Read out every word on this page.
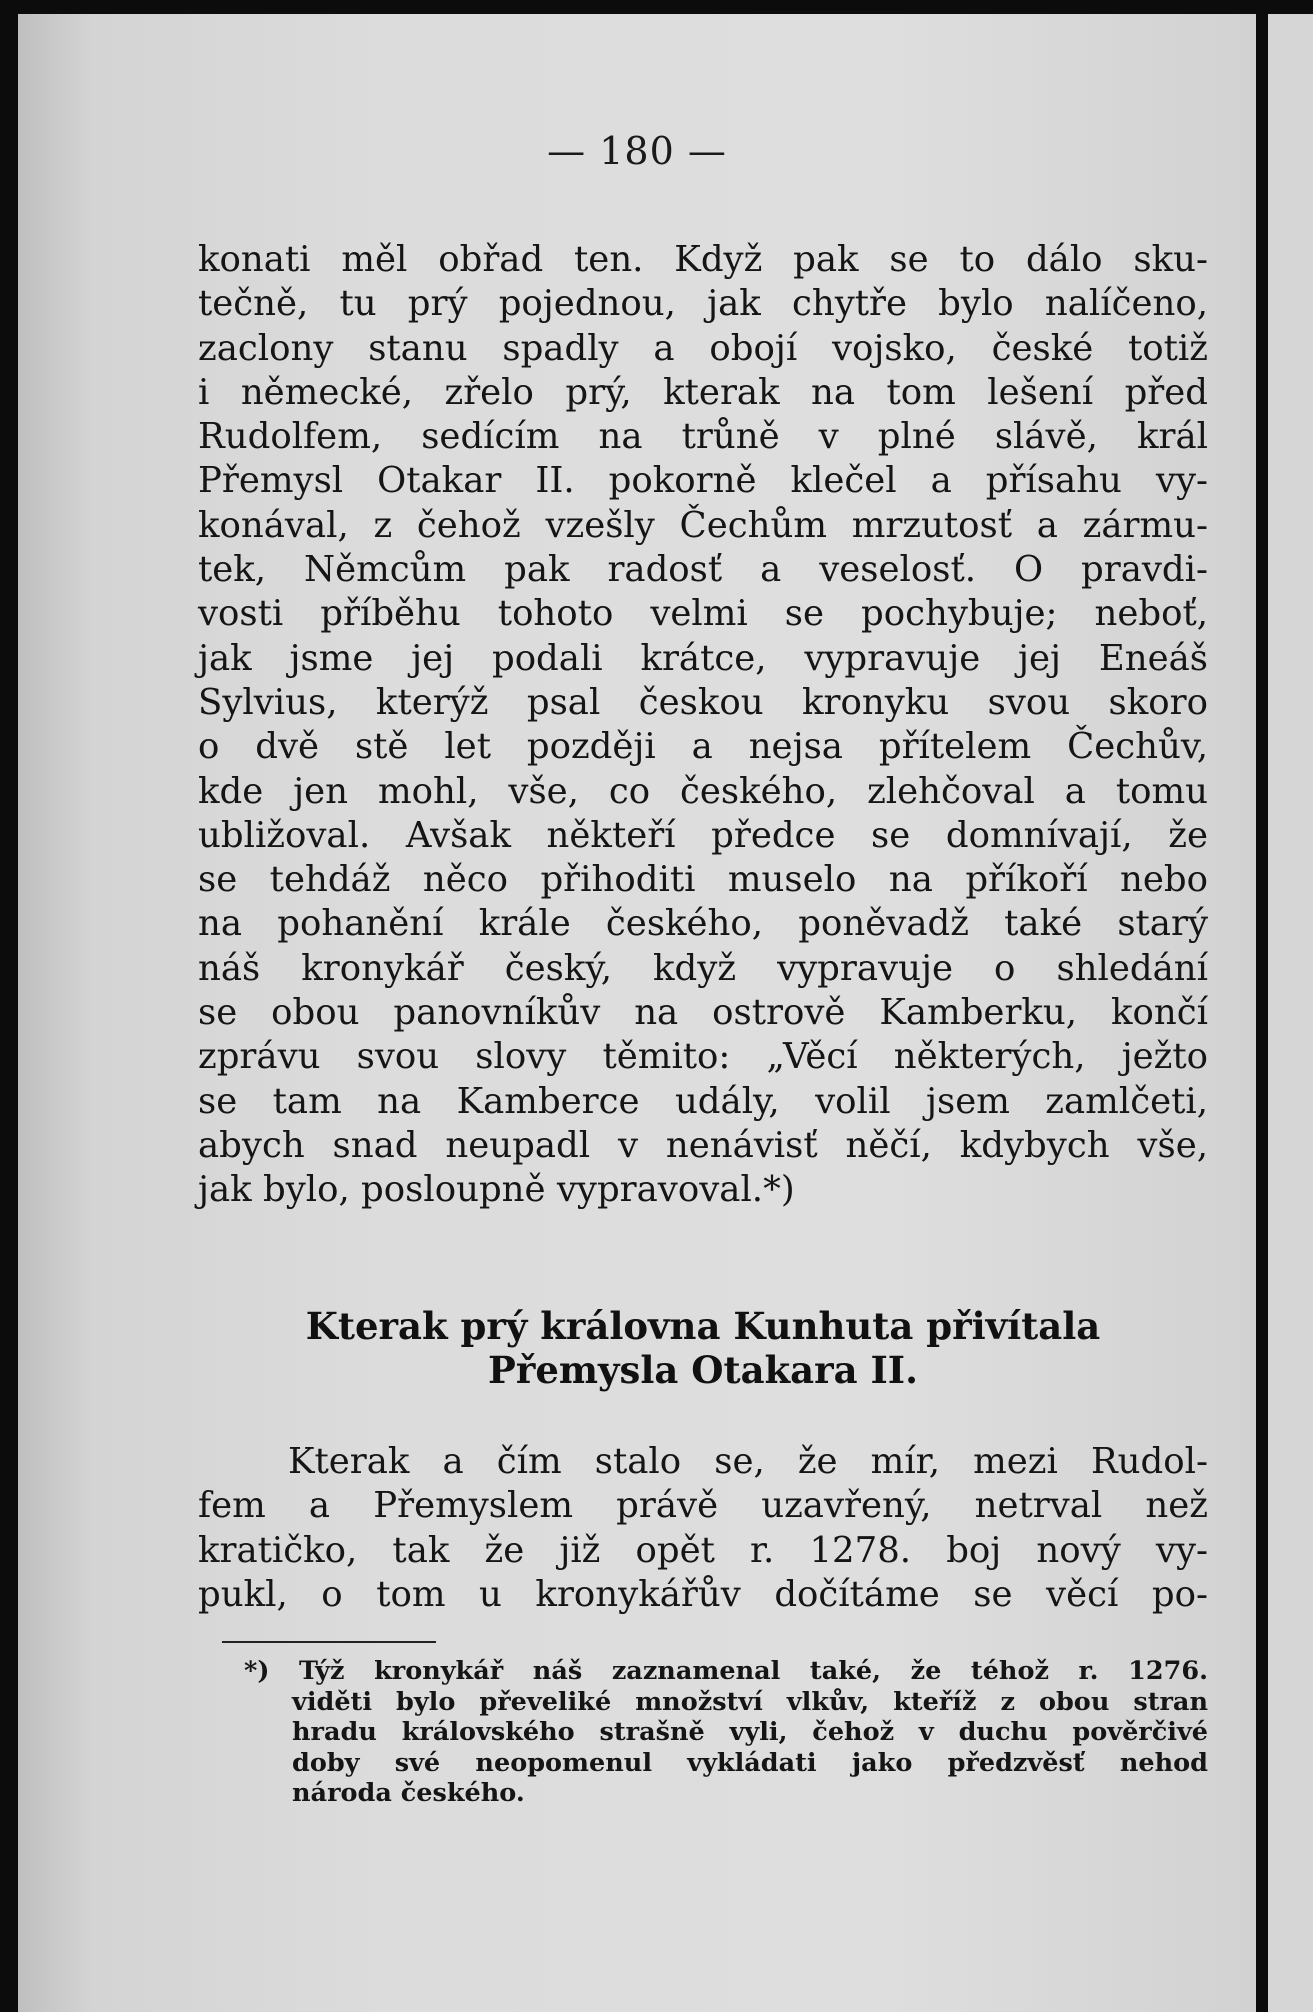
— 180 —
konati měl obřad ten. Když pak se to dálo sku-
tečně, tu prý pojednou, jak chytře bylo nalíčeno,
zaclony stanu spadly a obojí vojsko, české totiž
i německé, zřelo prý, kterak na tom lešení před
Rudolfem, sedícím na trůně v plné slávě, král
Přemysl Otakar II. pokorně klečel a přísahu vy-
konával, z čehož vzešly Čechům mrzutosť a zármu-
tek, Němcům pak radosť a veselosť. O pravdi-
vosti příběhu tohoto velmi se pochybuje; neboť,
jak jsme jej podali krátce, vypravuje jej Eneáš
Sylvius, kterýž psal českou kronyku svou skoro
o dvě stě let později a nejsa přítelem Čechův,
kde jen mohl, vše, co českého, zlehčoval a tomu
ubližoval. Avšak někteří předce se domnívají, že
se tehdáž něco přihoditi muselo na příkoří nebo
na pohanění krále českého, poněvadž také starý
náš kronykář český, když vypravuje o shledání
se obou panovníkův na ostrově Kamberku, končí
zprávu svou slovy těmito: „Věcí některých, ježto
se tam na Kamberce udály, volil jsem zamlčeti,
abych snad neupadl v nenávisť něčí, kdybych vše,
jak bylo, posloupně vypravoval.*)
Kterak prý královna Kunhuta přivítala
Přemysla Otakara II.
Kterak a čím stalo se, že mír, mezi Rudol-
fem a Přemyslem právě uzavřený, netrval než
kratičko, tak že již opět r. 1278. boj nový vy-
pukl, o tom u kronykářův dočítáme se věcí po-
*) Týž kronykář náš zaznamenal také, že téhož r. 1276.
viděti bylo převeliké množství vlkův, kteříž z obou stran
hradu královského strašně vyli, čehož v duchu pověrčivé
doby své neopomenul vykládati jako předzvěsť nehod
národa českého.
